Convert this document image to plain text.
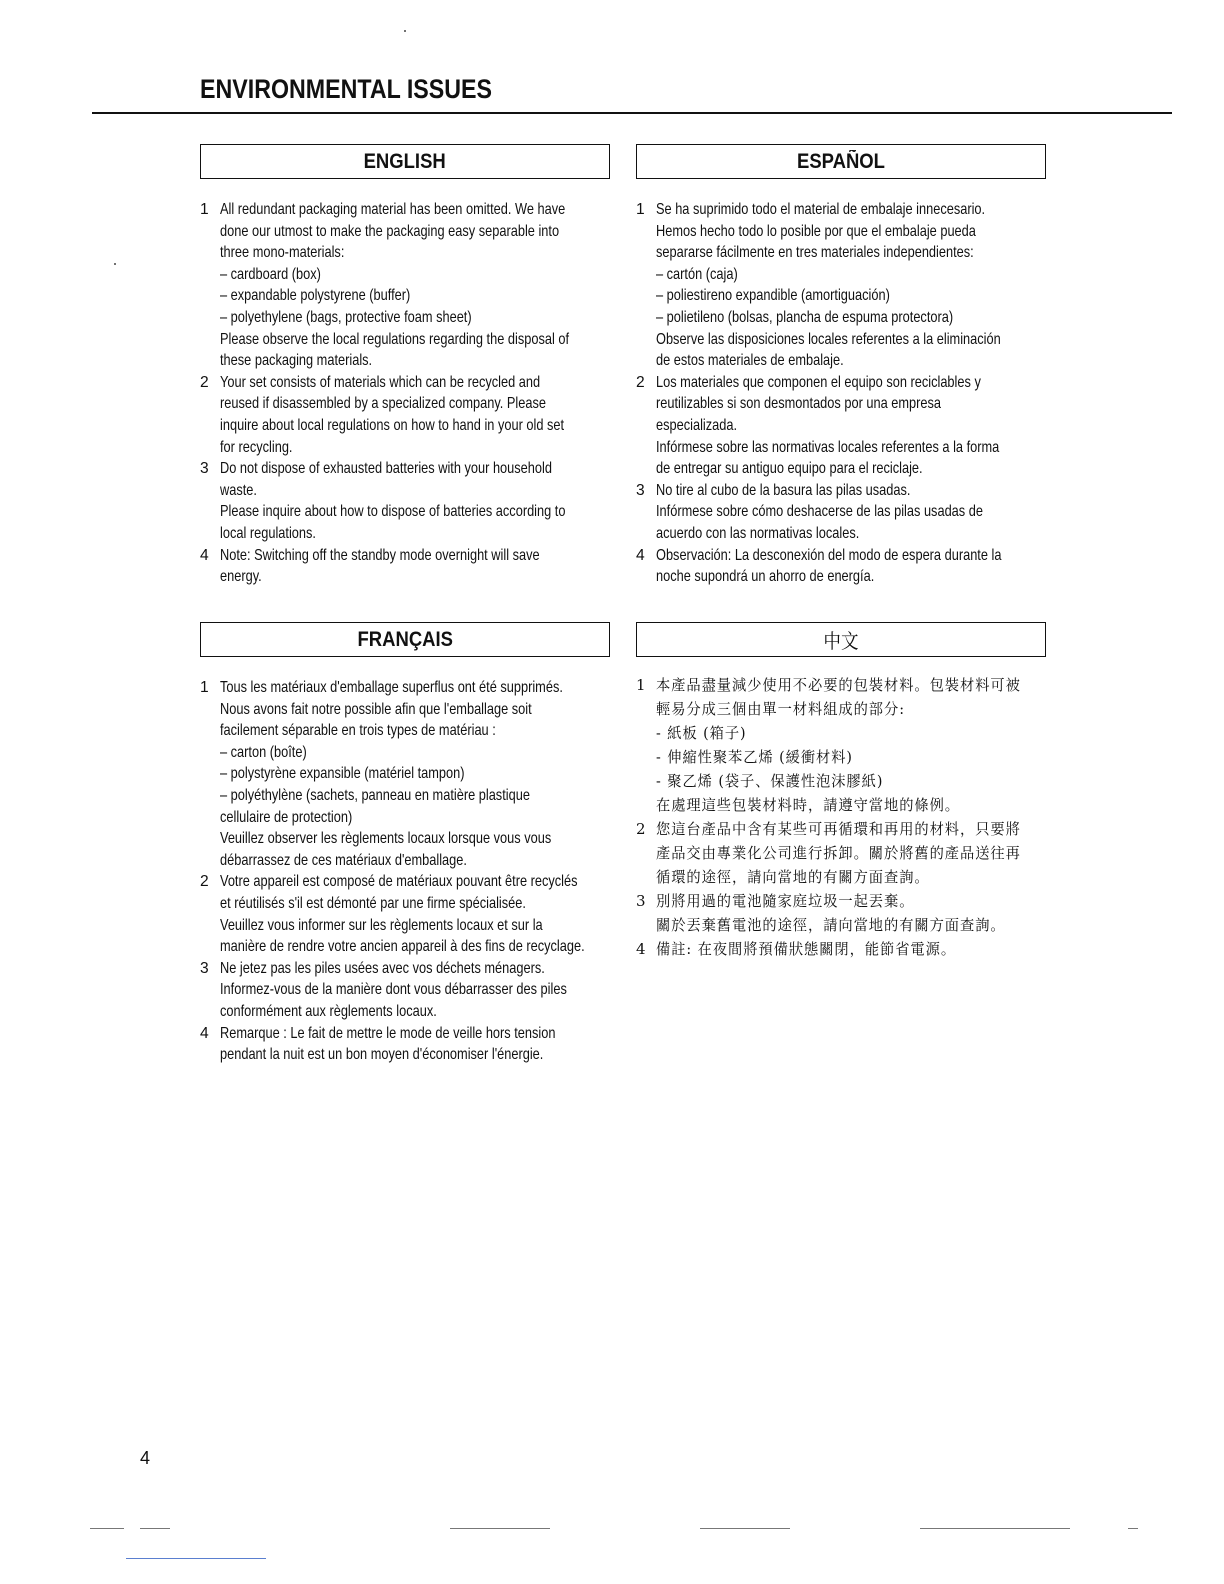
ENVIRONMENTAL ISSUES
ENGLISH
1 All redundant packaging material has been omitted. We have
done our utmost to make the packaging easy separable into
three mono-materials:
– cardboard (box)
– expandable polystyrene (buffer)
– polyethylene (bags, protective foam sheet)
Please observe the local regulations regarding the disposal of
these packaging materials.
2 Your set consists of materials which can be recycled and
reused if disassembled by a specialized company. Please
inquire about local regulations on how to hand in your old set
for recycling.
3 Do not dispose of exhausted batteries with your household
waste.
Please inquire about how to dispose of batteries according to
local regulations.
4 Note: Switching off the standby mode overnight will save
energy.
ESPAÑOL
1 Se ha suprimido todo el material de embalaje innecesario.
Hemos hecho todo lo posible por que el embalaje pueda
separarse fácilmente en tres materiales independientes:
– cartón (caja)
– poliestireno expandible (amortiguación)
– polietileno (bolsas, plancha de espuma protectora)
Observe las disposiciones locales referentes a la eliminación
de estos materiales de embalaje.
2 Los materiales que componen el equipo son reciclables y
reutilizables si son desmontados por una empresa
especializada.
Infórmese sobre las normativas locales referentes a la forma
de entregar su antiguo equipo para el reciclaje.
3 No tire al cubo de la basura las pilas usadas.
Infórmese sobre cómo deshacerse de las pilas usadas de
acuerdo con las normativas locales.
4 Observación: La desconexión del modo de espera durante la
noche supondrá un ahorro de energía.
FRANÇAIS
1 Tous les matériaux d'emballage superflus ont été supprimés.
Nous avons fait notre possible afin que l'emballage soit
facilement séparable en trois types de matériau :
– carton (boîte)
– polystyrène expansible (matériel tampon)
– polyéthylène (sachets, panneau en matière plastique
cellulaire de protection)
Veuillez observer les règlements locaux lorsque vous vous
débarrassez de ces matériaux d'emballage.
2 Votre appareil est composé de matériaux pouvant être recyclés
et réutilisés s'il est démonté par une firme spécialisée.
Veuillez vous informer sur les règlements locaux et sur la
manière de rendre votre ancien appareil à des fins de recyclage.
3 Ne jetez pas les piles usées avec vos déchets ménagers.
Informez-vous de la manière dont vous débarrasser des piles
conformément aux règlements locaux.
4 Remarque : Le fait de mettre le mode de veille hors tension
pendant la nuit est un bon moyen d'économiser l'énergie.
中文
1 本產品盡量減少使用不必要的包裝材料。包裝材料可被
輕易分成三個由單一材料組成的部分:
- 紙板 (箱子)
- 伸縮性聚苯乙烯 (緩衝材料)
- 聚乙烯 (袋子、保護性泡沫膠紙)
在處理這些包裝材料時，請遵守當地的條例。
2 您這台產品中含有某些可再循環和再用的材料，只要將
產品交由專業化公司進行拆卸。關於將舊的產品送往再
循環的途徑，請向當地的有關方面查詢。
3 別將用過的電池隨家庭垃圾一起丟棄。
關於丟棄舊電池的途徑，請向當地的有關方面查詢。
4 備註: 在夜間將預備狀態關閉，能節省電源。
4
